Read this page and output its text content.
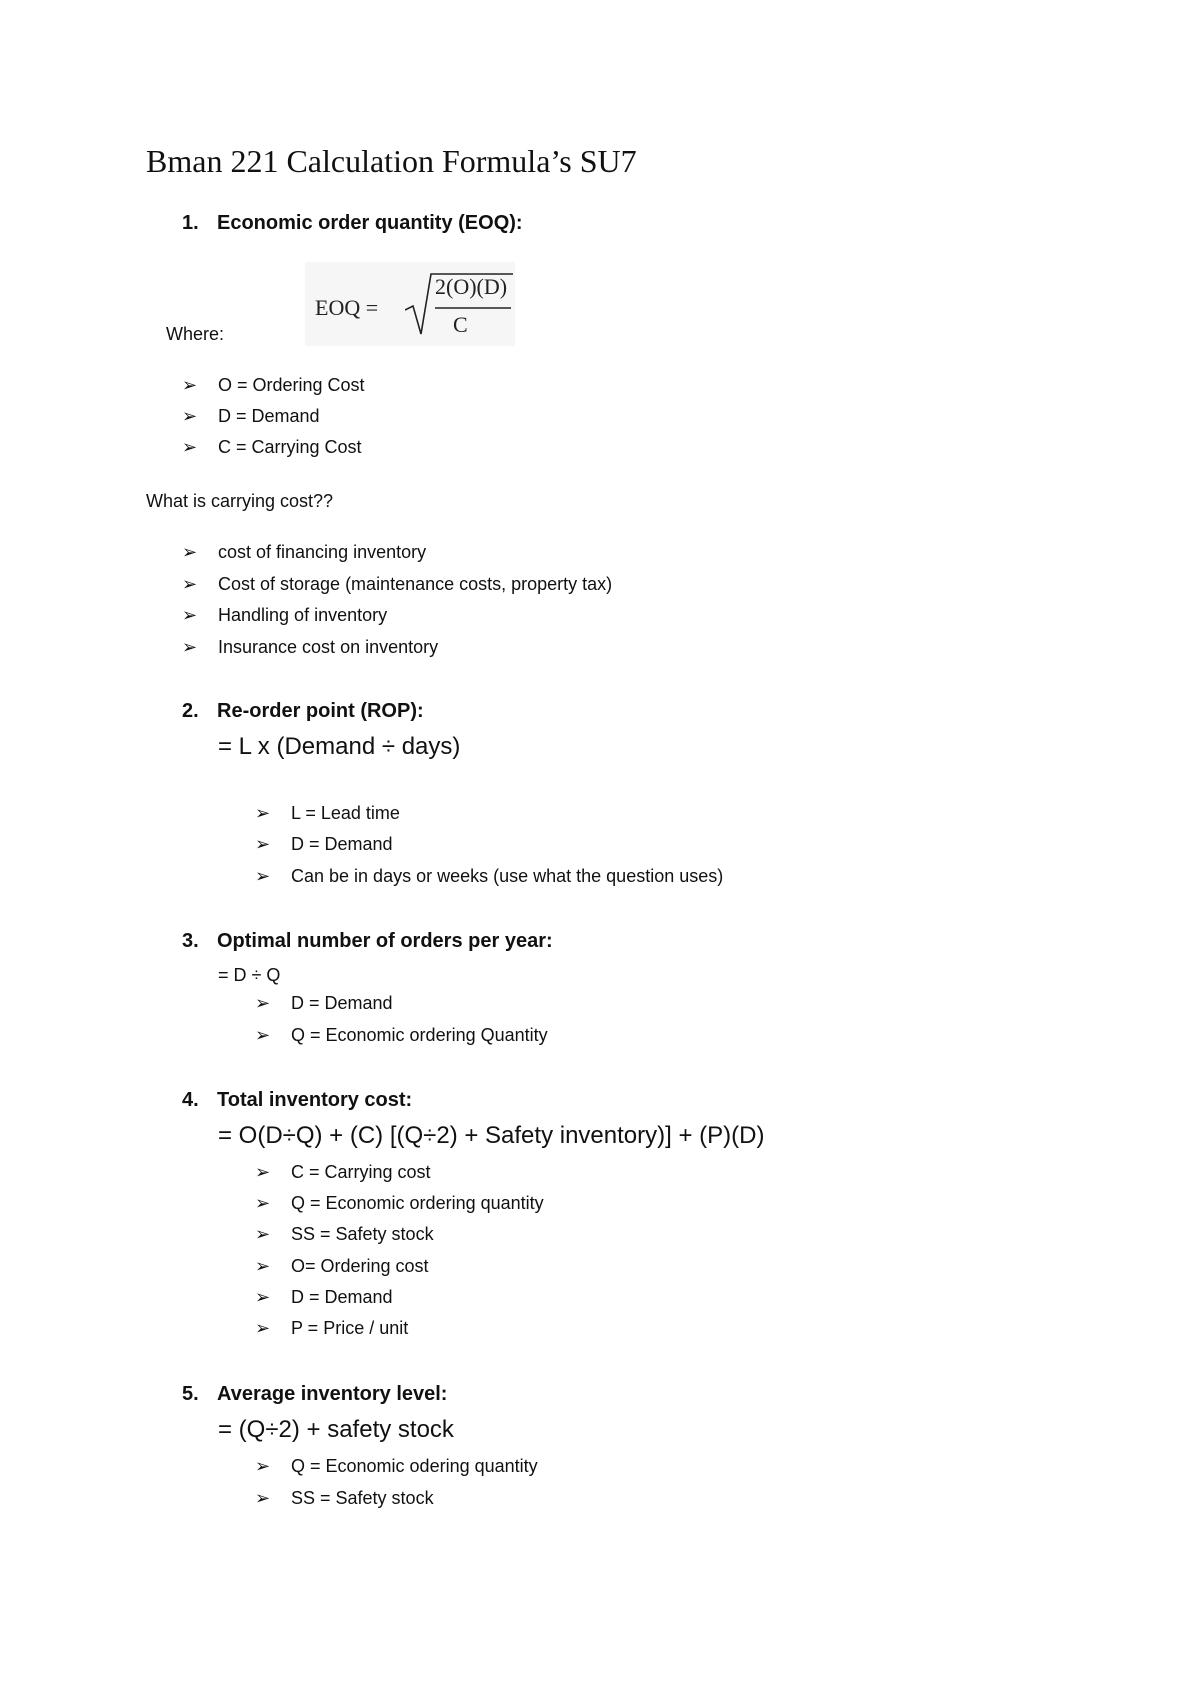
Bman 221 Calculation Formula’s SU7
1. Economic order quantity (EOQ):
EOQ =
2(O)(D)
C
Where:
➢	O = Ordering Cost
➢	D = Demand
➢	C = Carrying Cost
What is carrying cost??
➢	cost of financing inventory
➢	Cost of storage (maintenance costs, property tax)
➢	Handling of inventory
➢	Insurance cost on inventory
2. Re-order point (ROP):
= L x (Demand ÷ days)
➢	L = Lead time
➢	D = Demand
➢	Can be in days or weeks (use what the question uses)
3. Optimal number of orders per year:
= D ÷ Q
➢	D = Demand
➢	Q = Economic ordering Quantity
4. Total inventory cost:
= O(D÷Q) + (C) [(Q÷2) + Safety inventory)] + (P)(D)
➢	C = Carrying cost
➢	Q = Economic ordering quantity
➢	SS = Safety stock
➢	O= Ordering cost
➢	D = Demand
➢	P = Price / unit
5. Average inventory level:
= (Q÷2) + safety stock
➢	Q = Economic odering quantity
➢	SS = Safety stock
